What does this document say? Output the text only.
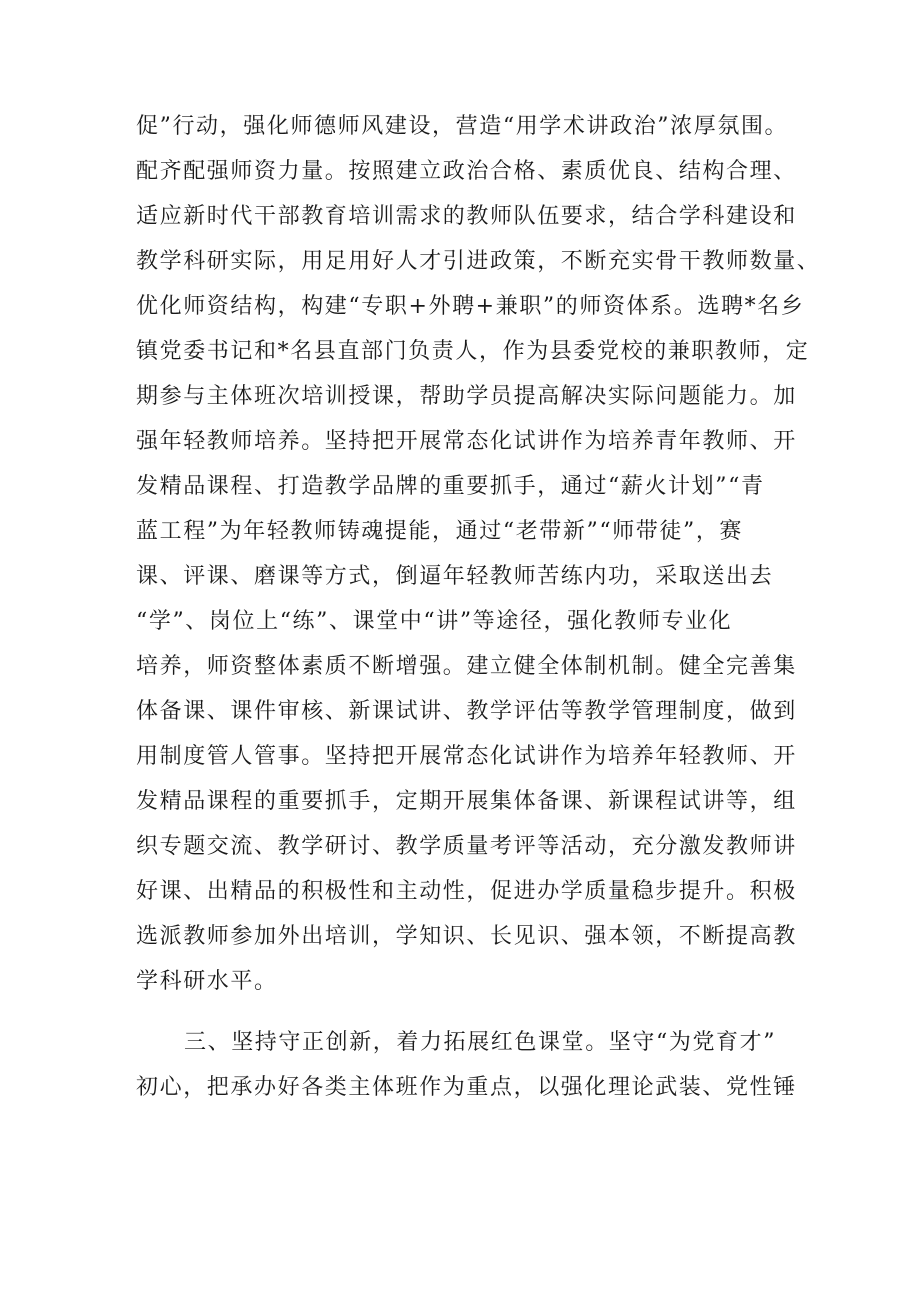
促”行动，强化师德师风建设，营造“用学术讲政治”浓厚氛围。
配齐配强师资力量。按照建立政治合格、素质优良、结构合理、
适应新时代干部教育培训需求的教师队伍要求，结合学科建设和
教学科研实际，用足用好人才引进政策，不断充实骨干教师数量、
优化师资结构，构建“专职+外聘+兼职”的师资体系。选聘*名乡
镇党委书记和*名县直部门负责人，作为县委党校的兼职教师，定
期参与主体班次培训授课，帮助学员提高解决实际问题能力。加
强年轻教师培养。坚持把开展常态化试讲作为培养青年教师、开
发精品课程、打造教学品牌的重要抓手，通过“薪火计划”“青
蓝工程”为年轻教师铸魂提能，通过“老带新”“师带徒”，赛
课、评课、磨课等方式，倒逼年轻教师苦练内功，采取送出去
“学”、岗位上“练”、课堂中“讲”等途径，强化教师专业化
培养，师资整体素质不断增强。建立健全体制机制。健全完善集
体备课、课件审核、新课试讲、教学评估等教学管理制度，做到
用制度管人管事。坚持把开展常态化试讲作为培养年轻教师、开
发精品课程的重要抓手，定期开展集体备课、新课程试讲等，组
织专题交流、教学研讨、教学质量考评等活动，充分激发教师讲
好课、出精品的积极性和主动性，促进办学质量稳步提升。积极
选派教师参加外出培训，学知识、长见识、强本领，不断提高教
学科研水平。
三、坚持守正创新，着力拓展红色课堂。坚守“为党育才”
初心，把承办好各类主体班作为重点，以强化理论武装、党性锤
